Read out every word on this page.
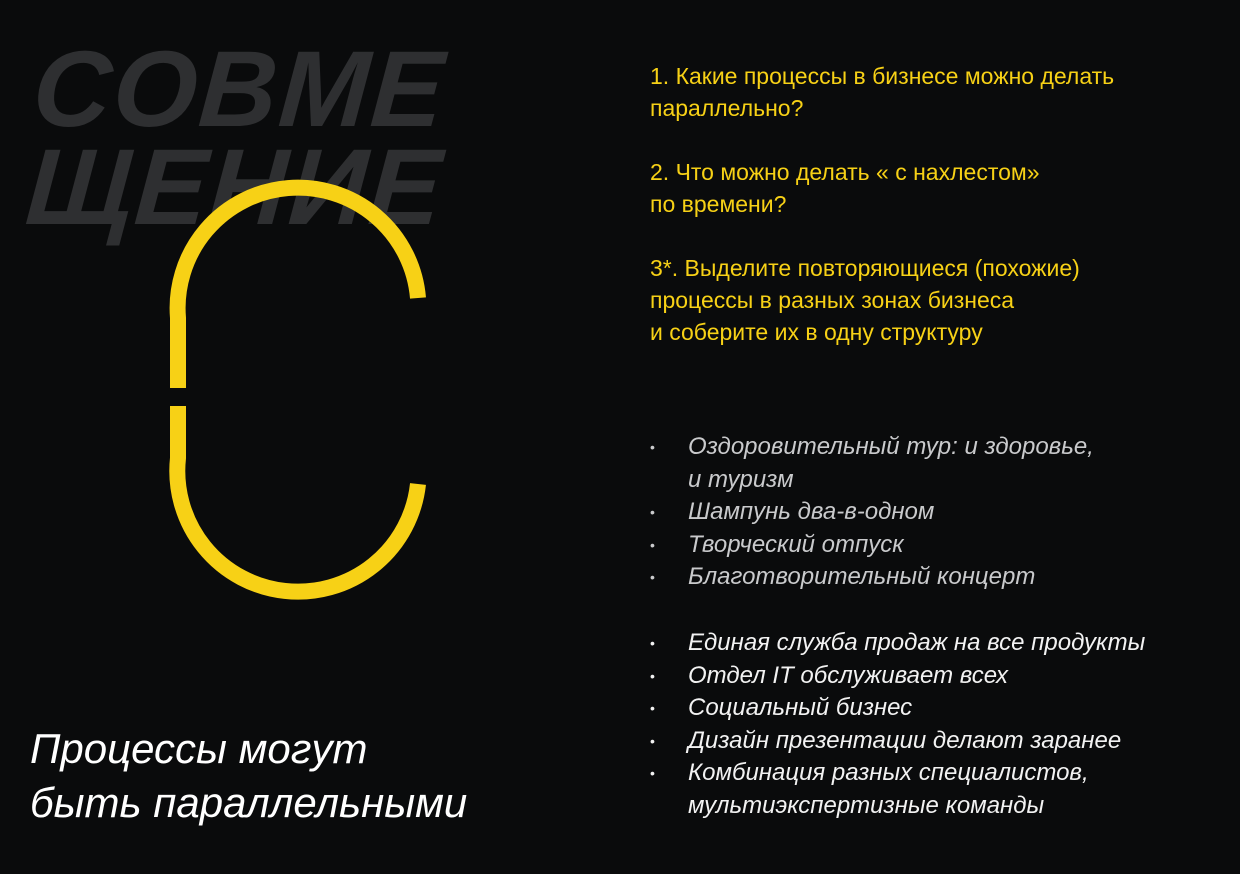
СОВМЕ
ЩЕНИЕ
Процессы могут
быть параллельными
1. Какие процессы в бизнесе можно делать
параллельно?
2. Что можно делать « с нахлестом»
по времени?
3*. Выделите повторяющиеся (похожие)
процессы в разных зонах бизнеса
и соберите их в одну структуру
• Оздоровительный тур: и здоровье,
и туризм
• Шампунь два-в-одном
• Творческий отпуск
• Благотворительный концерт
• Единая служба продаж на все продукты
• Отдел IT обслуживает всех
• Социальный бизнес
• Дизайн презентации делают заранее
• Комбинация разных специалистов,
мультиэкспертизные команды
